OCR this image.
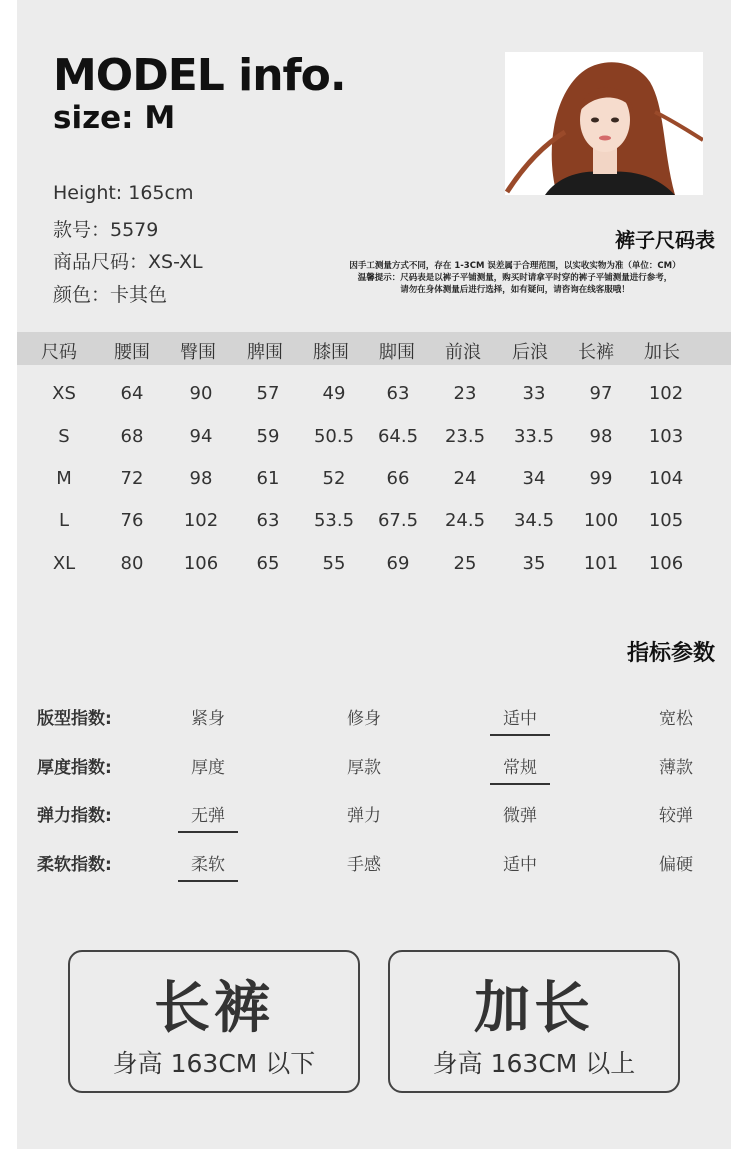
MODEL info.
size: M
Height: 165cm
款号：5579
商品尺码：XS-XL
颜色：卡其色
裤子尺码表
因手工测量方式不同，存在 1-3CM 误差属于合理范围，以实收实物为准（单位：CM）
温馨提示：尺码表是以裤子平铺测量，购买时请拿平时穿的裤子平铺测量进行参考，
请勿在身体测量后进行选择，如有疑问，请咨询在线客服哦！
尺码 腰围 臀围 脾围 膝围 脚围 前浪 后浪 长裤 加长
XS	64	90	57	49	63	23	33	97	102
S	68	94	59	50.5	64.5	23.5	33.5	98	103
M	72	98	61	52	66	24	34	99	104
L	76	102	63	53.5	67.5	24.5	34.5	100	105
XL	80	106	65	55	69	25	35	101	106
指标参数
版型指数:	紧身	修身	适中	宽松
厚度指数:	厚度	厚款	常规	薄款
弹力指数:	无弹	弹力	微弹	较弹
柔软指数:	柔软	手感	适中	偏硬
长裤
身高 163CM 以下
加长
身高 163CM 以上
